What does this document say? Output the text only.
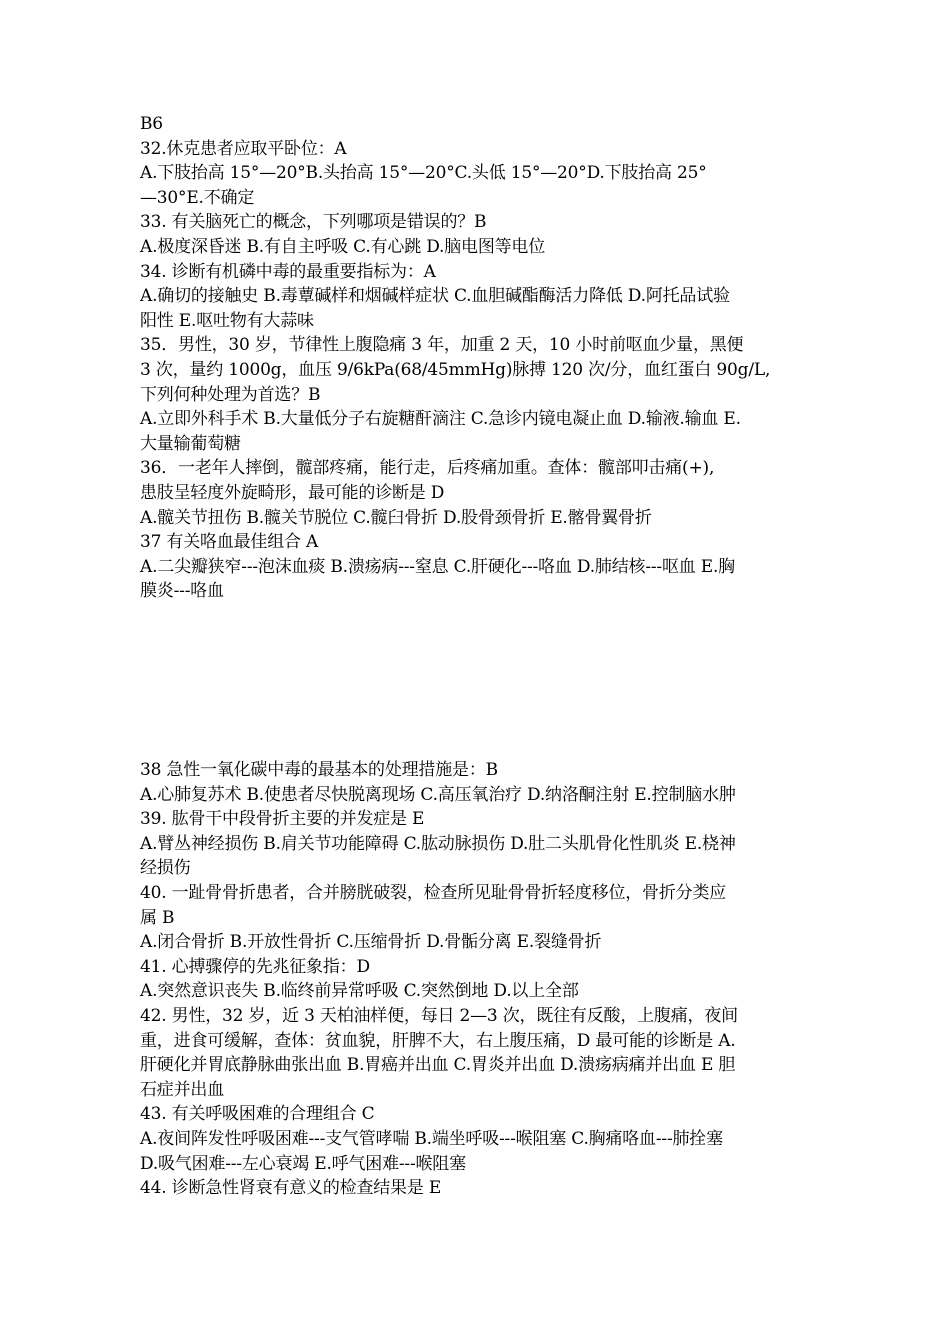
B6
32.休克患者应取平卧位：A
A.下肢抬高 15°—20°B.头抬高 15°—20°C.头低 15°—20°D.下肢抬高 25°
—30°E.不确定
33. 有关脑死亡的概念，下列哪项是错误的？B
A.极度深昏迷 B.有自主呼吸 C.有心跳 D.脑电图等电位
34. 诊断有机磷中毒的最重要指标为：A
A.确切的接触史 B.毒蕈碱样和烟碱样症状 C.血胆碱酯酶活力降低 D.阿托品试验
阳性 E.呕吐物有大蒜味
35．男性，30 岁，节律性上腹隐痛 3 年，加重 2 天，10 小时前呕血少量，黑便
3 次，量约 1000g，血压 9/6kPa(68/45mmHg)脉搏 120 次/分，血红蛋白 90g/L,
下列何种处理为首选？B
A.立即外科手术 B.大量低分子右旋糖酐滴注 C.急诊内镜电凝止血 D.输液.输血 E.
大量输葡萄糖
36．一老年人摔倒，髋部疼痛，能行走，后疼痛加重。查体：髋部叩击痛(+),
患肢呈轻度外旋畸形，最可能的诊断是 D
A.髋关节扭伤 B.髋关节脱位 C.髋臼骨折 D.股骨颈骨折 E.髂骨翼骨折
37 有关咯血最佳组合 A
A.二尖瓣狭窄---泡沫血痰 B.溃疡病---窒息 C.肝硬化---咯血 D.肺结核---呕血 E.胸
膜炎---咯血
38 急性一氧化碳中毒的最基本的处理措施是：B
A.心肺复苏术 B.使患者尽快脱离现场 C.高压氧治疗 D.纳洛酮注射 E.控制脑水肿
39. 肱骨干中段骨折主要的并发症是 E
A.臂丛神经损伤 B.肩关节功能障碍 C.肱动脉损伤 D.肚二头肌骨化性肌炎 E.桡神
经损伤
40. 一趾骨骨折患者，合并膀胱破裂，检查所见耻骨骨折轻度移位，骨折分类应
属 B
A.闭合骨折 B.开放性骨折 C.压缩骨折 D.骨骺分离 E.裂缝骨折
41. 心搏骤停的先兆征象指：D
A.突然意识丧失 B.临终前异常呼吸 C.突然倒地 D.以上全部
42. 男性，32 岁，近 3 天柏油样便，每日 2—3 次，既往有反酸，上腹痛，夜间
重，进食可缓解，查体：贫血貌，肝脾不大，右上腹压痛，D 最可能的诊断是 A.
肝硬化并胃底静脉曲张出血 B.胃癌并出血 C.胃炎并出血 D.溃疡病痛并出血 E 胆
石症并出血
43. 有关呼吸困难的合理组合 C
A.夜间阵发性呼吸困难---支气管哮喘 B.端坐呼吸---喉阻塞 C.胸痛咯血---肺拴塞
D.吸气困难---左心衰竭 E.呼气困难---喉阻塞
44. 诊断急性肾衰有意义的检查结果是 E
